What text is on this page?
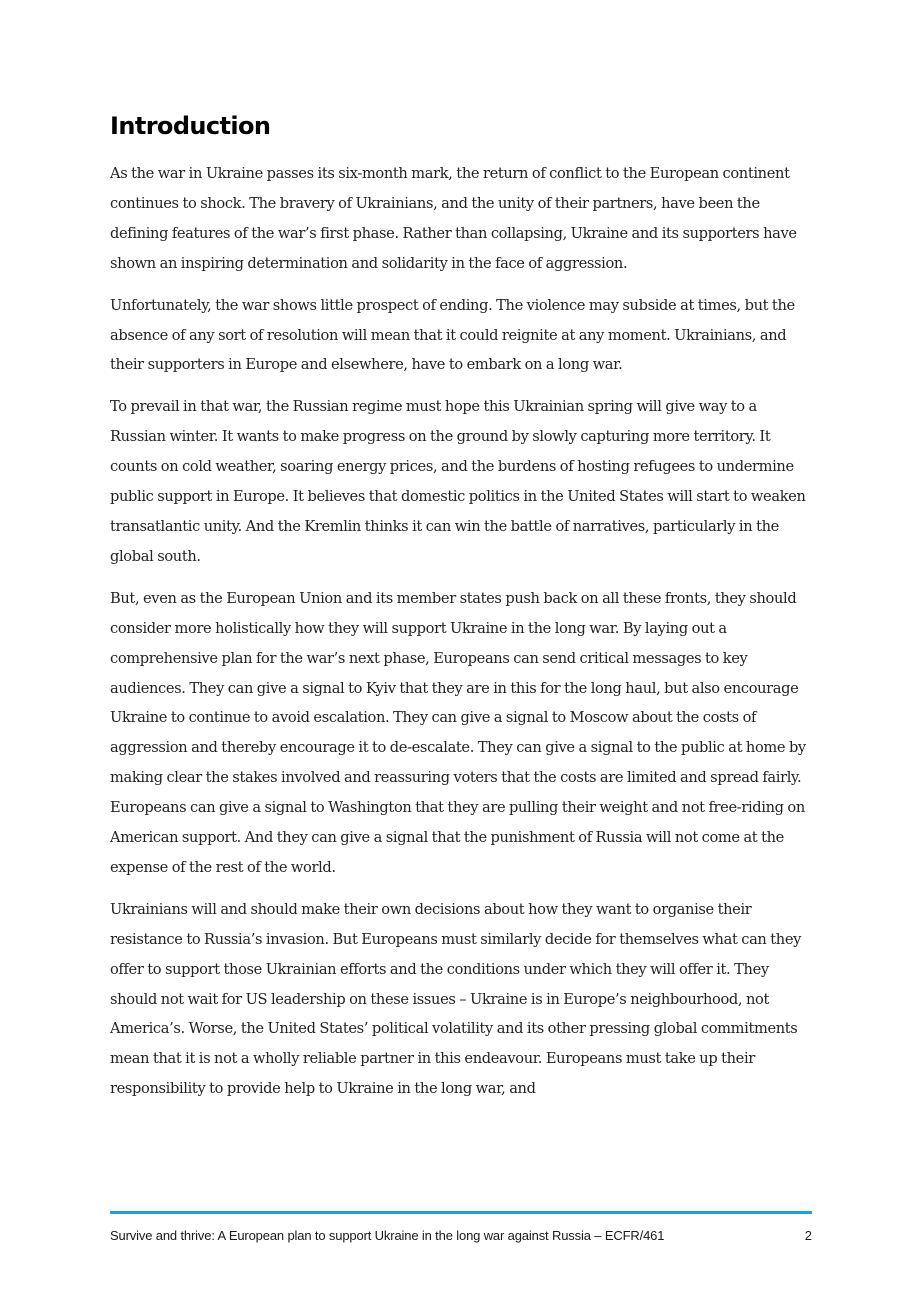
Introduction

As the war in Ukraine passes its six-month mark, the return of conflict to the European continent continues to shock. The bravery of Ukrainians, and the unity of their partners, have been the defining features of the war’s first phase. Rather than collapsing, Ukraine and its supporters have shown an inspiring determination and solidarity in the face of aggression.

Unfortunately, the war shows little prospect of ending. The violence may subside at times, but the absence of any sort of resolution will mean that it could reignite at any moment. Ukrainians, and their supporters in Europe and elsewhere, have to embark on a long war.

To prevail in that war, the Russian regime must hope this Ukrainian spring will give way to a Russian winter. It wants to make progress on the ground by slowly capturing more territory. It counts on cold weather, soaring energy prices, and the burdens of hosting refugees to undermine public support in Europe. It believes that domestic politics in the United States will start to weaken transatlantic unity. And the Kremlin thinks it can win the battle of narratives, particularly in the global south.

But, even as the European Union and its member states push back on all these fronts, they should consider more holistically how they will support Ukraine in the long war. By laying out a comprehensive plan for the war’s next phase, Europeans can send critical messages to key audiences. They can give a signal to Kyiv that they are in this for the long haul, but also encourage Ukraine to continue to avoid escalation. They can give a signal to Moscow about the costs of aggression and thereby encourage it to de-escalate. They can give a signal to the public at home by making clear the stakes involved and reassuring voters that the costs are limited and spread fairly. Europeans can give a signal to Washington that they are pulling their weight and not free-riding on American support. And they can give a signal that the punishment of Russia will not come at the expense of the rest of the world.

Ukrainians will and should make their own decisions about how they want to organise their resistance to Russia’s invasion. But Europeans must similarly decide for themselves what can they offer to support those Ukrainian efforts and the conditions under which they will offer it. They should not wait for US leadership on these issues – Ukraine is in Europe’s neighbourhood, not America’s. Worse, the United States’ political volatility and its other pressing global commitments mean that it is not a wholly reliable partner in this endeavour. Europeans must take up their responsibility to provide help to Ukraine in the long war, and

Survive and thrive: A European plan to support Ukraine in the long war against Russia – ECFR/461	2
